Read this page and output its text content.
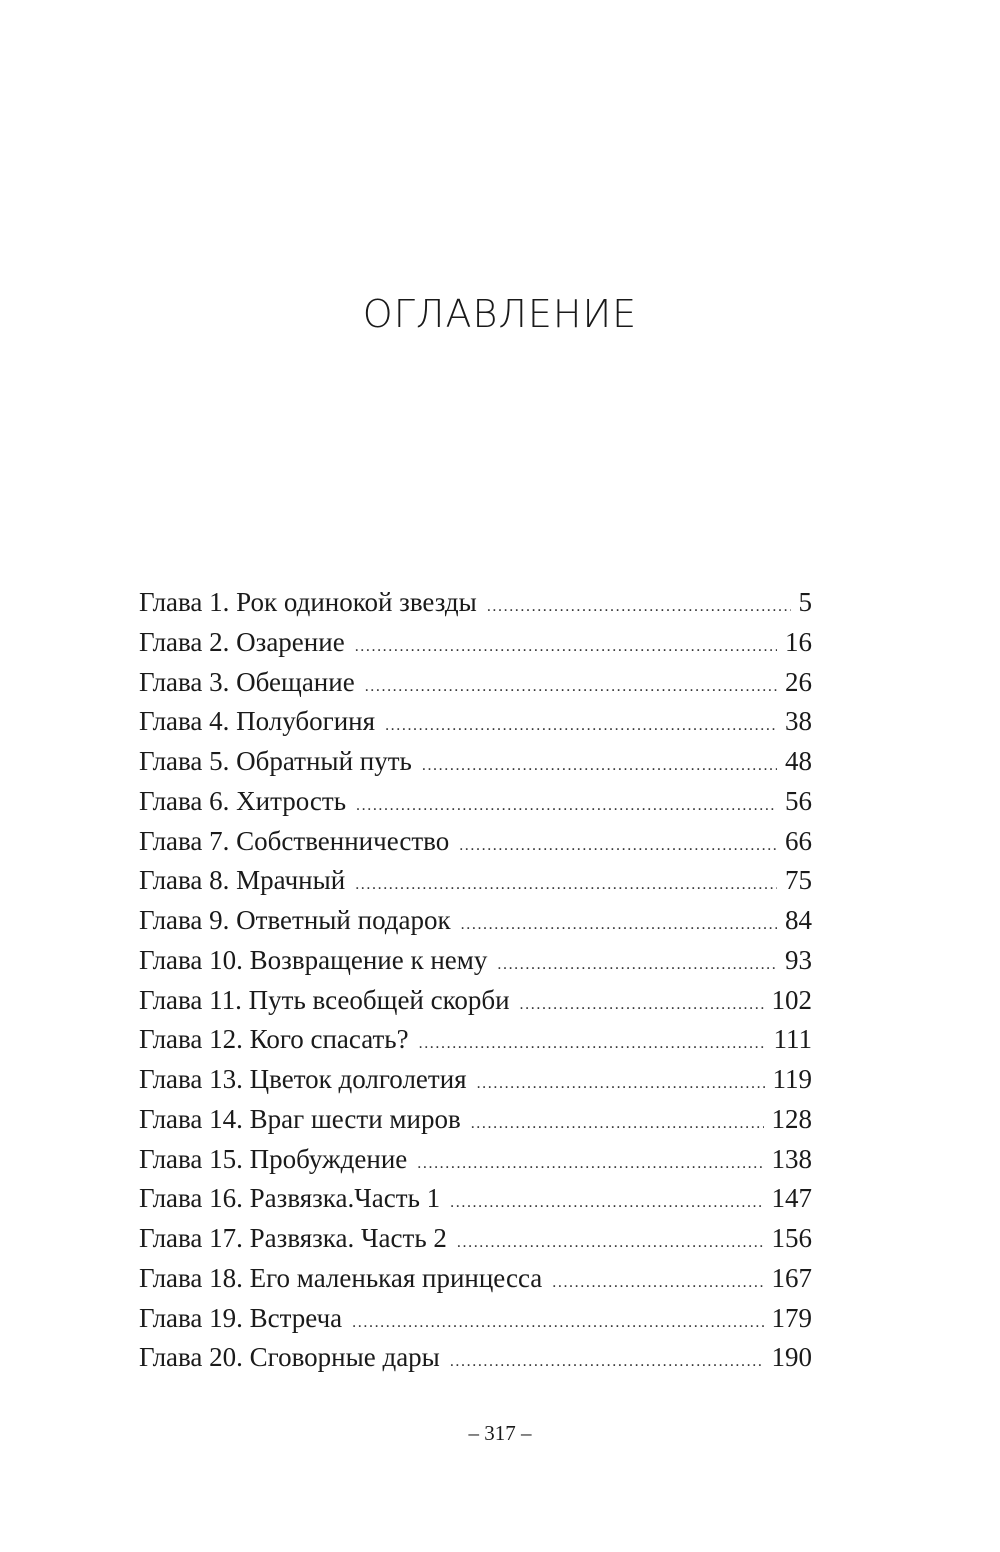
ОГЛАВЛЕНИЕ
Глава 1. Рок одинокой звезды .....	5
Глава 2. Озарение .....	16
Глава 3. Обещание .....	26
Глава 4. Полубогиня .....	38
Глава 5. Обратный путь .....	48
Глава 6. Хитрость .....	56
Глава 7. Собственничество .....	66
Глава 8. Мрачный .....	75
Глава 9. Ответный подарок .....	84
Глава 10. Возвращение к нему .....	93
Глава 11. Путь всеобщей скорби .....	102
Глава 12. Кого спасать? .....	111
Глава 13. Цветок долголетия .....	119
Глава 14. Враг шести миров .....	128
Глава 15. Пробуждение .....	138
Глава 16. Развязка.Часть 1 .....	147
Глава 17. Развязка. Часть 2 .....	156
Глава 18. Его маленькая принцесса .....	167
Глава 19. Встреча .....	179
Глава 20. Сговорные дары .....	190
– 317 –
